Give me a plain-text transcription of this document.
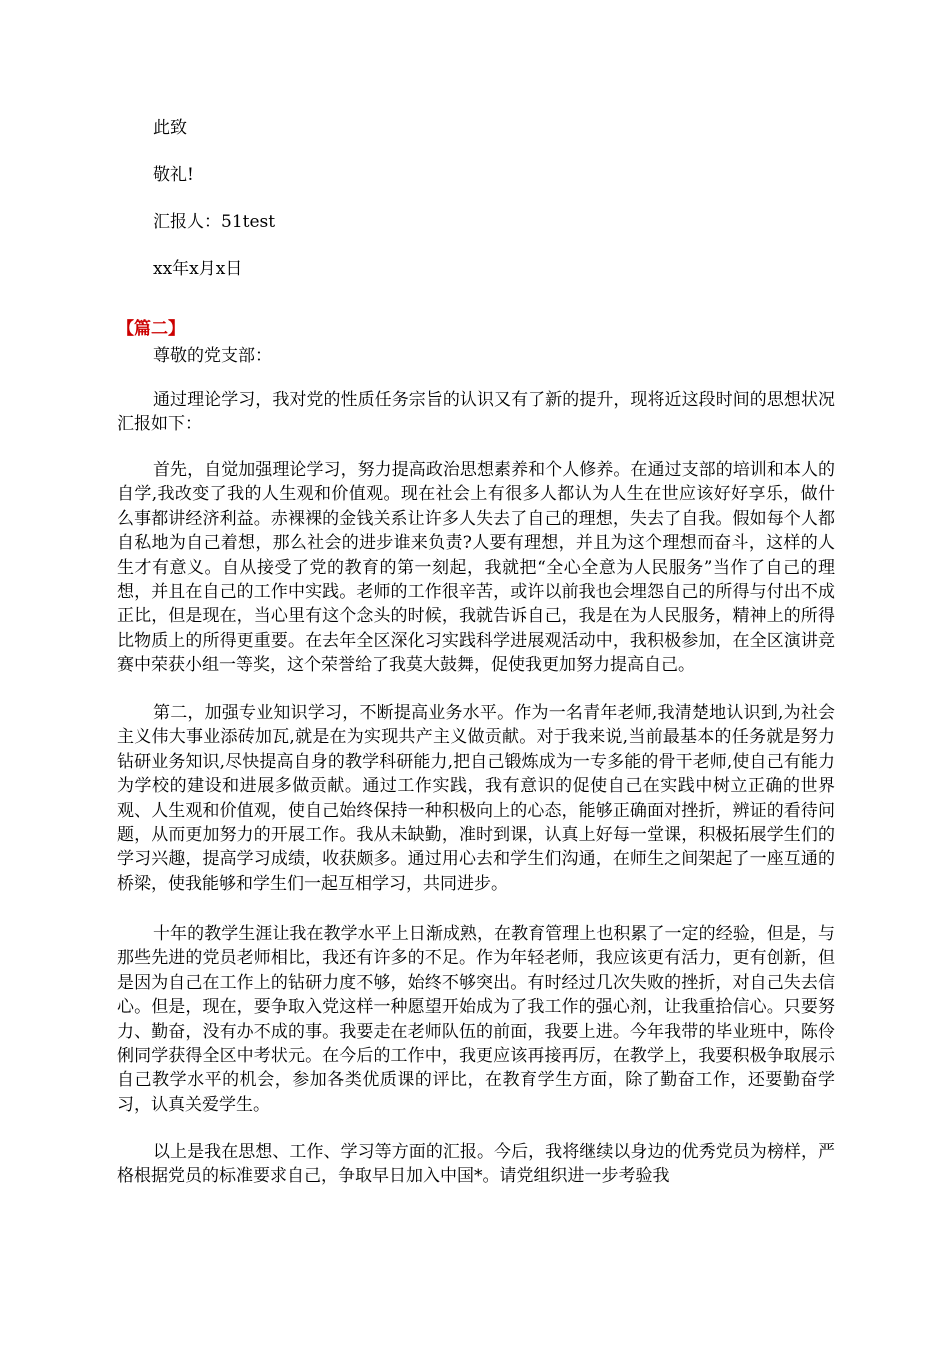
此致
敬礼!
汇报人：51test
xx年x月x日
【篇二】
尊敬的党支部：

通过理论学习，我对党的性质任务宗旨的认识又有了新的提升，现将近这段时间的思想状况汇报如下：

首先，自觉加强理论学习，努力提高政治思想素养和个人修养。在通过支部的培训和本人的自学,我改变了我的人生观和价值观。现在社会上有很多人都认为人生在世应该好好享乐，做什么事都讲经济利益。赤裸裸的金钱关系让许多人失去了自己的理想，失去了自我。假如每个人都自私地为自己着想，那么社会的进步谁来负责?人要有理想，并且为这个理想而奋斗，这样的人生才有意义。自从接受了党的教育的第一刻起，我就把“全心全意为人民服务”当作了自己的理想，并且在自己的工作中实践。老师的工作很辛苦，或许以前我也会埋怨自己的所得与付出不成正比，但是现在，当心里有这个念头的时候，我就告诉自己，我是在为人民服务，精神上的所得比物质上的所得更重要。在去年全区深化习实践科学进展观活动中，我积极参加，在全区演讲竞赛中荣获小组一等奖，这个荣誉给了我莫大鼓舞，促使我更加努力提高自己。

第二，加强专业知识学习，不断提高业务水平。作为一名青年老师,我清楚地认识到,为社会主义伟大事业添砖加瓦,就是在为实现共产主义做贡献。对于我来说,当前最基本的任务就是努力钻研业务知识,尽快提高自身的教学科研能力,把自己锻炼成为一专多能的骨干老师,使自己有能力为学校的建设和进展多做贡献。通过工作实践，我有意识的促使自己在实践中树立正确的世界观、人生观和价值观，使自己始终保持一种积极向上的心态，能够正确面对挫折，辨证的看待问题，从而更加努力的开展工作。我从未缺勤，准时到课，认真上好每一堂课，积极拓展学生们的学习兴趣，提高学习成绩，收获颇多。通过用心去和学生们沟通，在师生之间架起了一座互通的桥梁，使我能够和学生们一起互相学习，共同进步。

十年的教学生涯让我在教学水平上日渐成熟，在教育管理上也积累了一定的经验，但是，与那些先进的党员老师相比，我还有许多的不足。作为年轻老师，我应该更有活力，更有创新，但是因为自己在工作上的钻研力度不够，始终不够突出。有时经过几次失败的挫折，对自己失去信心。但是，现在，要争取入党这样一种愿望开始成为了我工作的强心剂，让我重拾信心。只要努力、勤奋，没有办不成的事。我要走在老师队伍的前面，我要上进。今年我带的毕业班中，陈伶俐同学获得全区中考状元。在今后的工作中，我更应该再接再厉，在教学上，我要积极争取展示自己教学水平的机会，参加各类优质课的评比，在教育学生方面，除了勤奋工作，还要勤奋学习，认真关爱学生。

以上是我在思想、工作、学习等方面的汇报。今后，我将继续以身边的优秀党员为榜样，严格根据党员的标准要求自己，争取早日加入中国*。请党组织进一步考验我
